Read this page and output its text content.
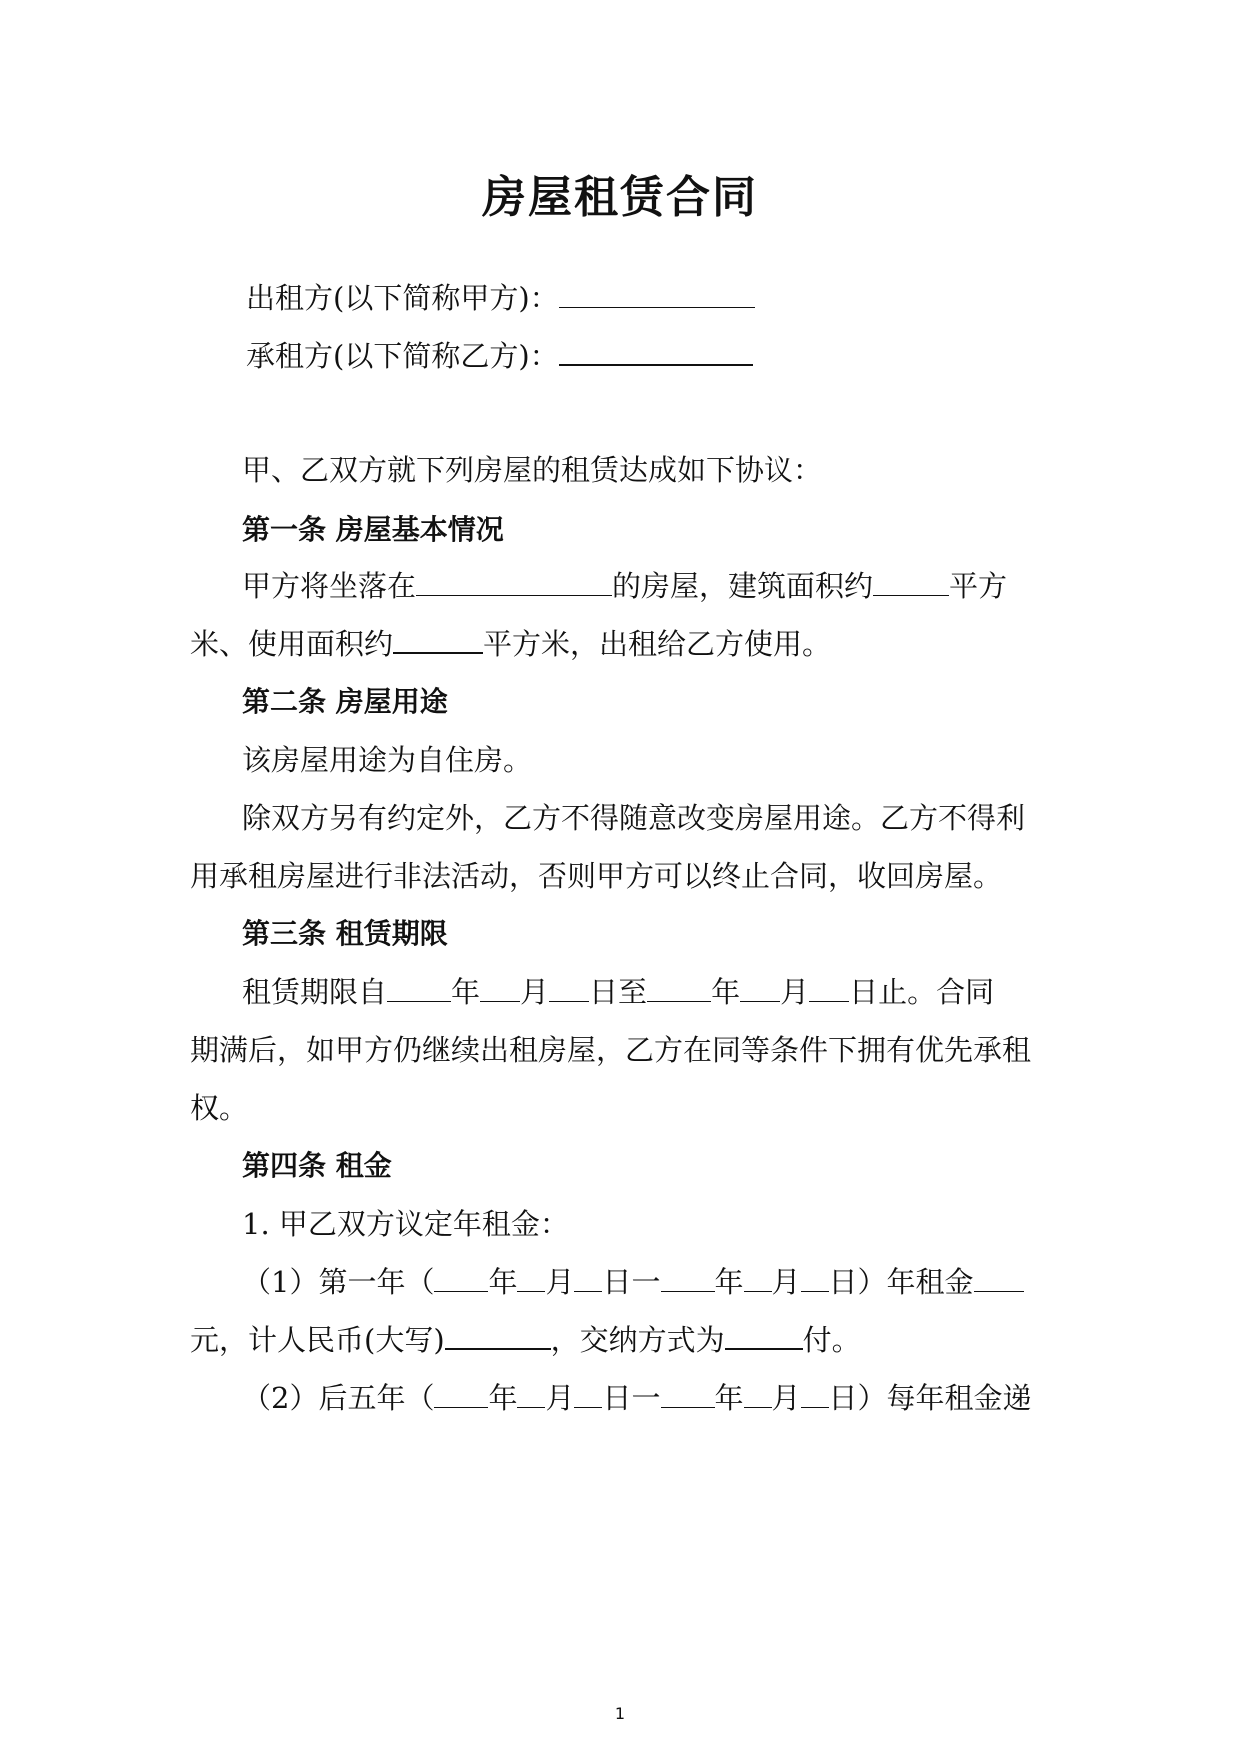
房屋租赁合同
出租方(以下简称甲方)：
承租方(以下简称乙方)：
甲、乙双方就下列房屋的租赁达成如下协议：
第一条 房屋基本情况
甲方将坐落在	的房屋，建筑面积约	平方
米、使用面积约	平方米，出租给乙方使用。
第二条 房屋用途
该房屋用途为自住房。
除双方另有约定外，乙方不得随意改变房屋用途。乙方不得利
用承租房屋进行非法活动，否则甲方可以终止合同，收回房屋。
第三条 租赁期限
租赁期限自 年 月 日至 年 月 日止。合同
期满后，如甲方仍继续出租房屋，乙方在同等条件下拥有优先承租
权。
第四条 租金
1. 甲乙双方议定年租金：
（1）第一年（ 年 月 日一 年 月 日）年租金
元，计人民币(大写)	，交纳方式为	付。
（2）后五年（ 年 月 日一 年 月 日）每年租金递
1
